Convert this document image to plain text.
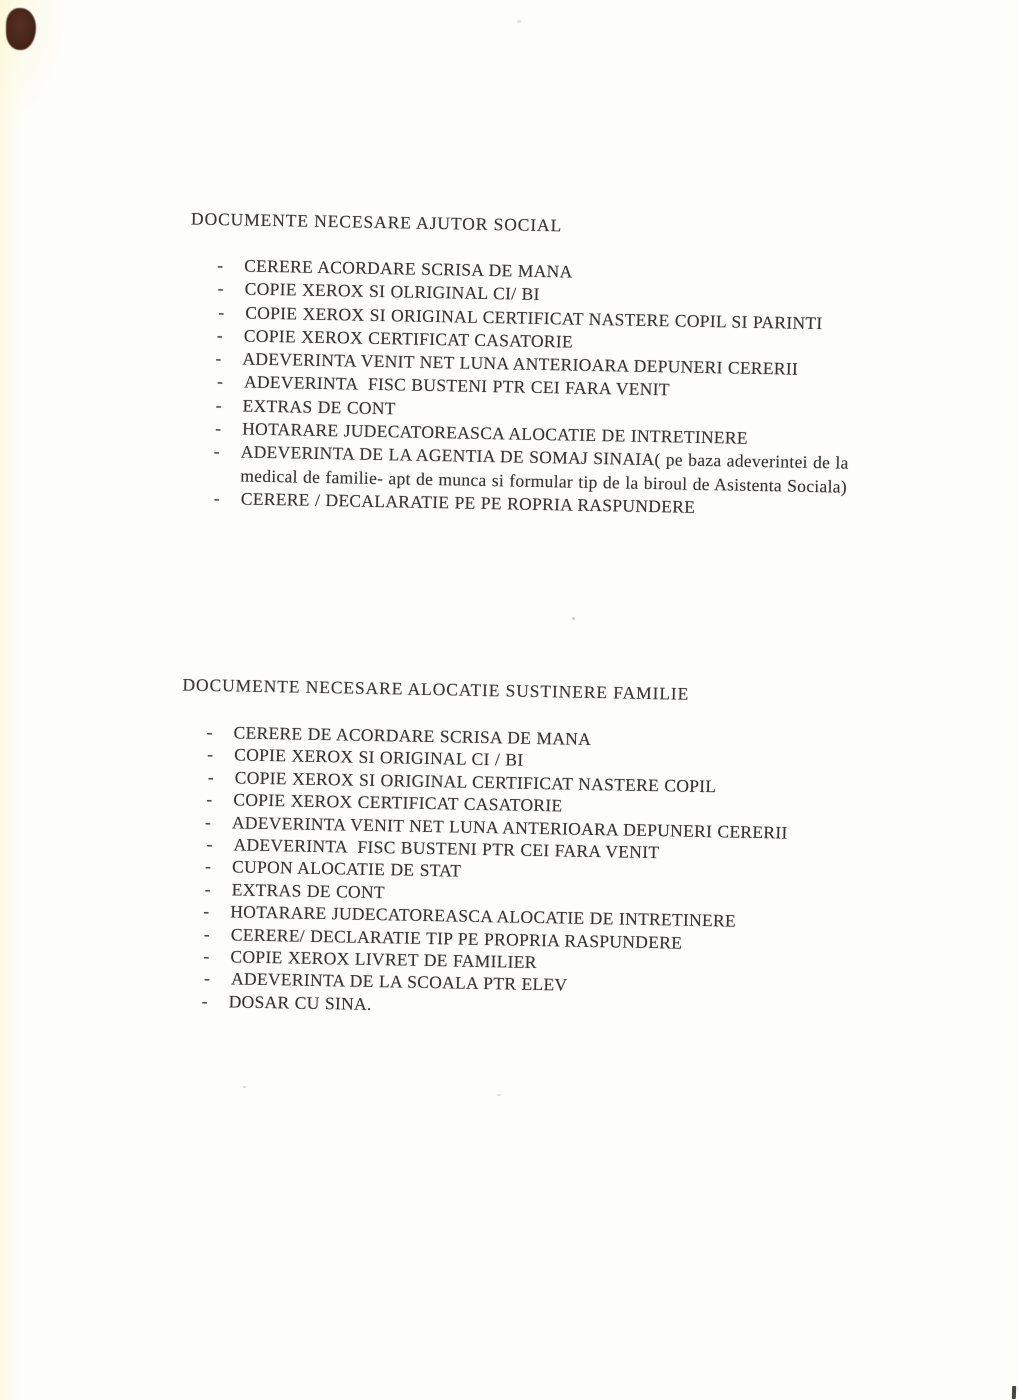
DOCUMENTE NECESARE AJUTOR SOCIAL
- CERERE ACORDARE SCRISA DE MANA
- COPIE XEROX SI OLRIGINAL CI/ BI
- COPIE XEROX SI ORIGINAL CERTIFICAT NASTERE COPIL SI PARINTI
- COPIE XEROX CERTIFICAT CASATORIE
- ADEVERINTA VENIT NET LUNA ANTERIOARA DEPUNERI CERERII
- ADEVERINTA  FISC BUSTENI PTR CEI FARA VENIT
- EXTRAS DE CONT
- HOTARARE JUDECATOREASCA ALOCATIE DE INTRETINERE
- ADEVERINTA DE LA AGENTIA DE SOMAJ SINAIA( pe baza adeverintei de la medical de familie- apt de munca si formular tip de la biroul de Asistenta Sociala)
- CERERE / DECALARATIE PE PE ROPRIA RASPUNDERE
DOCUMENTE NECESARE ALOCATIE SUSTINERE FAMILIE
- CERERE DE ACORDARE SCRISA DE MANA
- COPIE XEROX SI ORIGINAL CI / BI
- COPIE XEROX SI ORIGINAL CERTIFICAT NASTERE COPIL
- COPIE XEROX CERTIFICAT CASATORIE
- ADEVERINTA VENIT NET LUNA ANTERIOARA DEPUNERI CERERII
- ADEVERINTA  FISC BUSTENI PTR CEI FARA VENIT
- CUPON ALOCATIE DE STAT
- EXTRAS DE CONT
- HOTARARE JUDECATOREASCA ALOCATIE DE INTRETINERE
- CERERE/ DECLARATIE TIP PE PROPRIA RASPUNDERE
- COPIE XEROX LIVRET DE FAMILIER
- ADEVERINTA DE LA SCOALA PTR ELEV
- DOSAR CU SINA.
